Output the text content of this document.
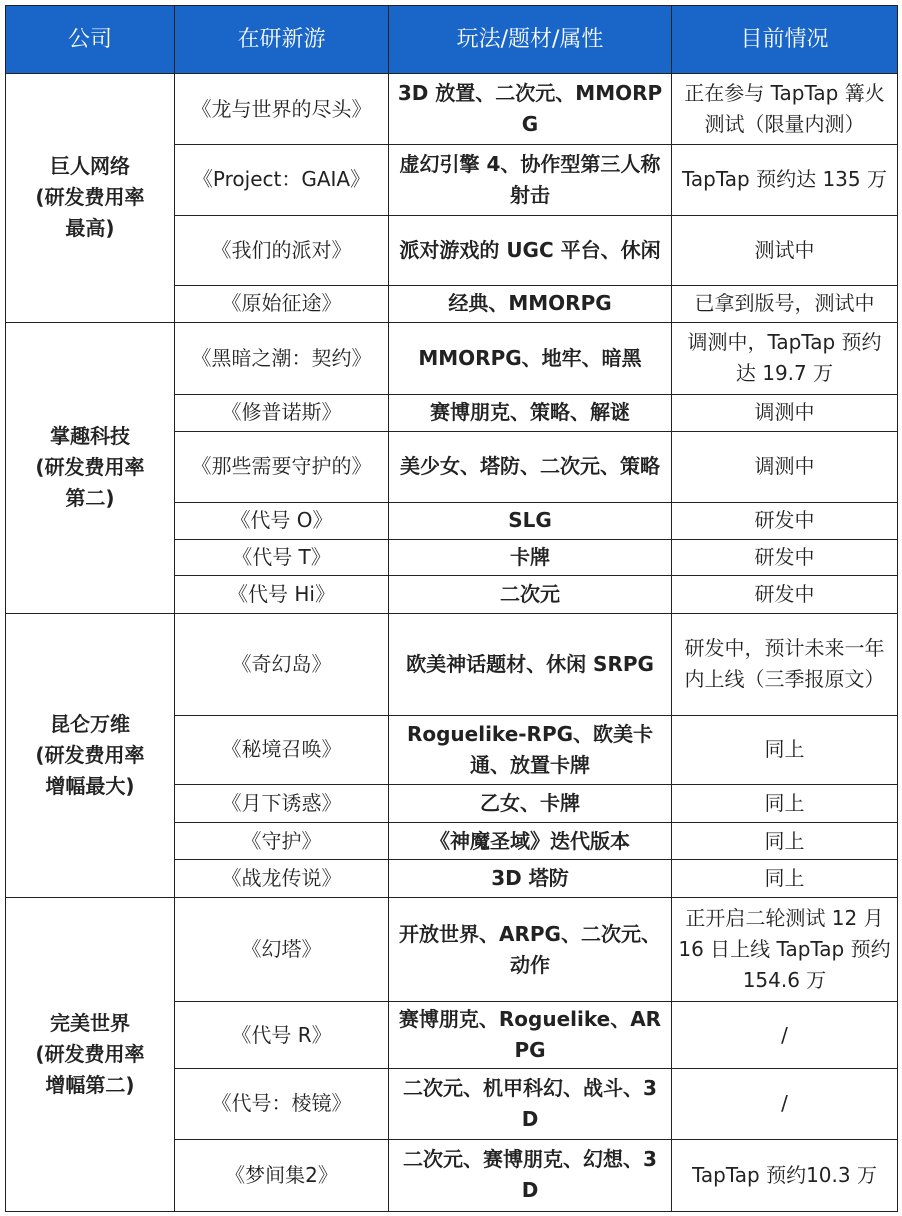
公司	在研新游	玩法/题材/属性	目前情况

巨人网络
(研发费用率
最高)	《龙与世界的尽头》	3D 放置、二次元、MMORPG	正在参与 TapTap 篝火测试（限量内测）
	《Project：GAIA》	虚幻引擎 4、协作型第三人称射击	TapTap 预约达 135 万
	《我们的派对》	派对游戏的 UGC 平台、休闲	测试中
	《原始征途》	经典、MMORPG	已拿到版号，测试中

掌趣科技
(研发费用率
第二)	《黑暗之潮：契约》	MMORPG、地牢、暗黑	调测中，TapTap 预约达 19.7 万
	《修普诺斯》	赛博朋克、策略、解谜	调测中
	《那些需要守护的》	美少女、塔防、二次元、策略	调测中
	《代号 O》	SLG	研发中
	《代号 T》	卡牌	研发中
	《代号 Hi》	二次元	研发中

昆仑万维
(研发费用率
增幅最大)	《奇幻岛》	欧美神话题材、休闲 SRPG	研发中，预计未来一年内上线（三季报原文）
	《秘境召唤》	Roguelike-RPG、欧美卡通、放置卡牌	同上
	《月下诱惑》	乙女、卡牌	同上
	《守护》	《神魔圣域》迭代版本	同上
	《战龙传说》	3D 塔防	同上

完美世界
(研发费用率
增幅第二)	《幻塔》	开放世界、ARPG、二次元、动作	正开启二轮测试 12 月 16 日上线 TapTap 预约 154.6 万
	《代号 R》	赛博朋克、Roguelike、ARPG	/
	《代号：棱镜》	二次元、机甲科幻、战斗、3D	/
	《梦间集2》	二次元、赛博朋克、幻想、3D	TapTap 预约10.3 万
